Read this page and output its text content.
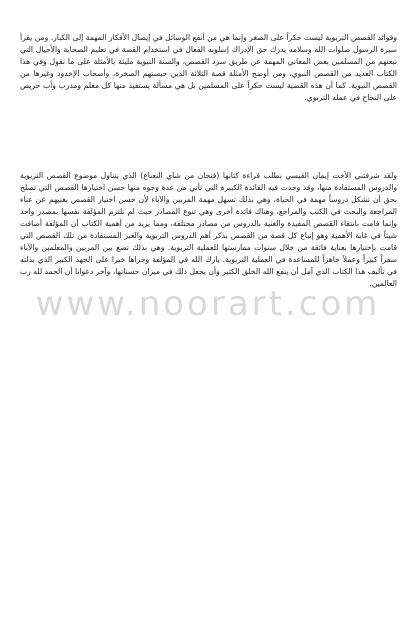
وفوائد القصص التربوية ليست حكراً على الصغر وإنما هي من أنفع الوسائل في إيصال الأفكار المهمة إلى الكبار، ومن يقرأ سيرة الرسول صلوات الله وسلامه يدرك حق الإدراك إسلوبه الفعال في استخدام القصة في تعليم الصحابة والأجيال التي تبعتهم من المسلمين بعض المعاني المهمة عن طريق سرد القصص، والسنة النبوية مليئة بالأمثلة على ما نقول وفي هذا الكتاب العديد من القصص النبوي، ومن أوضح الأمثلة قصة الثلاثة الذين حبستهم الصخرة، وأصحاب الإخدود وغيرها من القصص النبوية. كما أن هذه القضية ليست حكراً على المسلمين بل هي مسألة يستفيد منها كل معلم ومدرب وأب حريص على النجاح في عمله التربوي.

www.noorart.com

ولقد شرفتني الأخت إيمان القيسي بطلب قراءة كتابها (فنجان من شاي النعناع) الذي يتناول موضوع القصص التربوية والدروس المستفادة منها، وقد وجدت فيه الفائدة الكبيرة التي تأتي من عدة وجوه منها حسن اختيارها القصص التي تصلح بحق أن تشكل دروساً مهمة في الحياة، وهي بذلك تسهل مهمة المربين والآباء لأن حسن اختيار القصص يغنيهم عن عناء المراجعة والبحث في الكتب والمراجع، وهناك فائدة أخرى وهي تنوع المصادر حيث لم تلتزم المؤلفة نفسها بمصدر واحد وإنما قامت بانتقاء القصص المفيدة والغنية بالدروس من مصادر مختلفة، ومما يزيد من أهمية الكتاب أن المؤلفة أضافت شيئاً في غاية الأهمية وهو إتباع كل قصة من القصص بذكر أهم الدروس التربوية والعبر المستفادة من تلك القصص التي قامت بإختيارها بعناية فائقة من خلال سنوات ممارستها للعملية التربوية. وهي بذلك تضع بين المربين والمعلمين والآباء سفراً كبيراً وعملاً جاهزاً للمساعدة في العملية التربوية. بارك الله في المؤلفة وجزاها خيرا على الجهد الكبير الذي بذلته في تأليف هذا الكتاب الذي آمل أن ينفع الله الخلق الكثير وأن يجعل ذلك في ميزان حسناتها، وآخر دعوانا أن الحمد لله رب العالمين.
